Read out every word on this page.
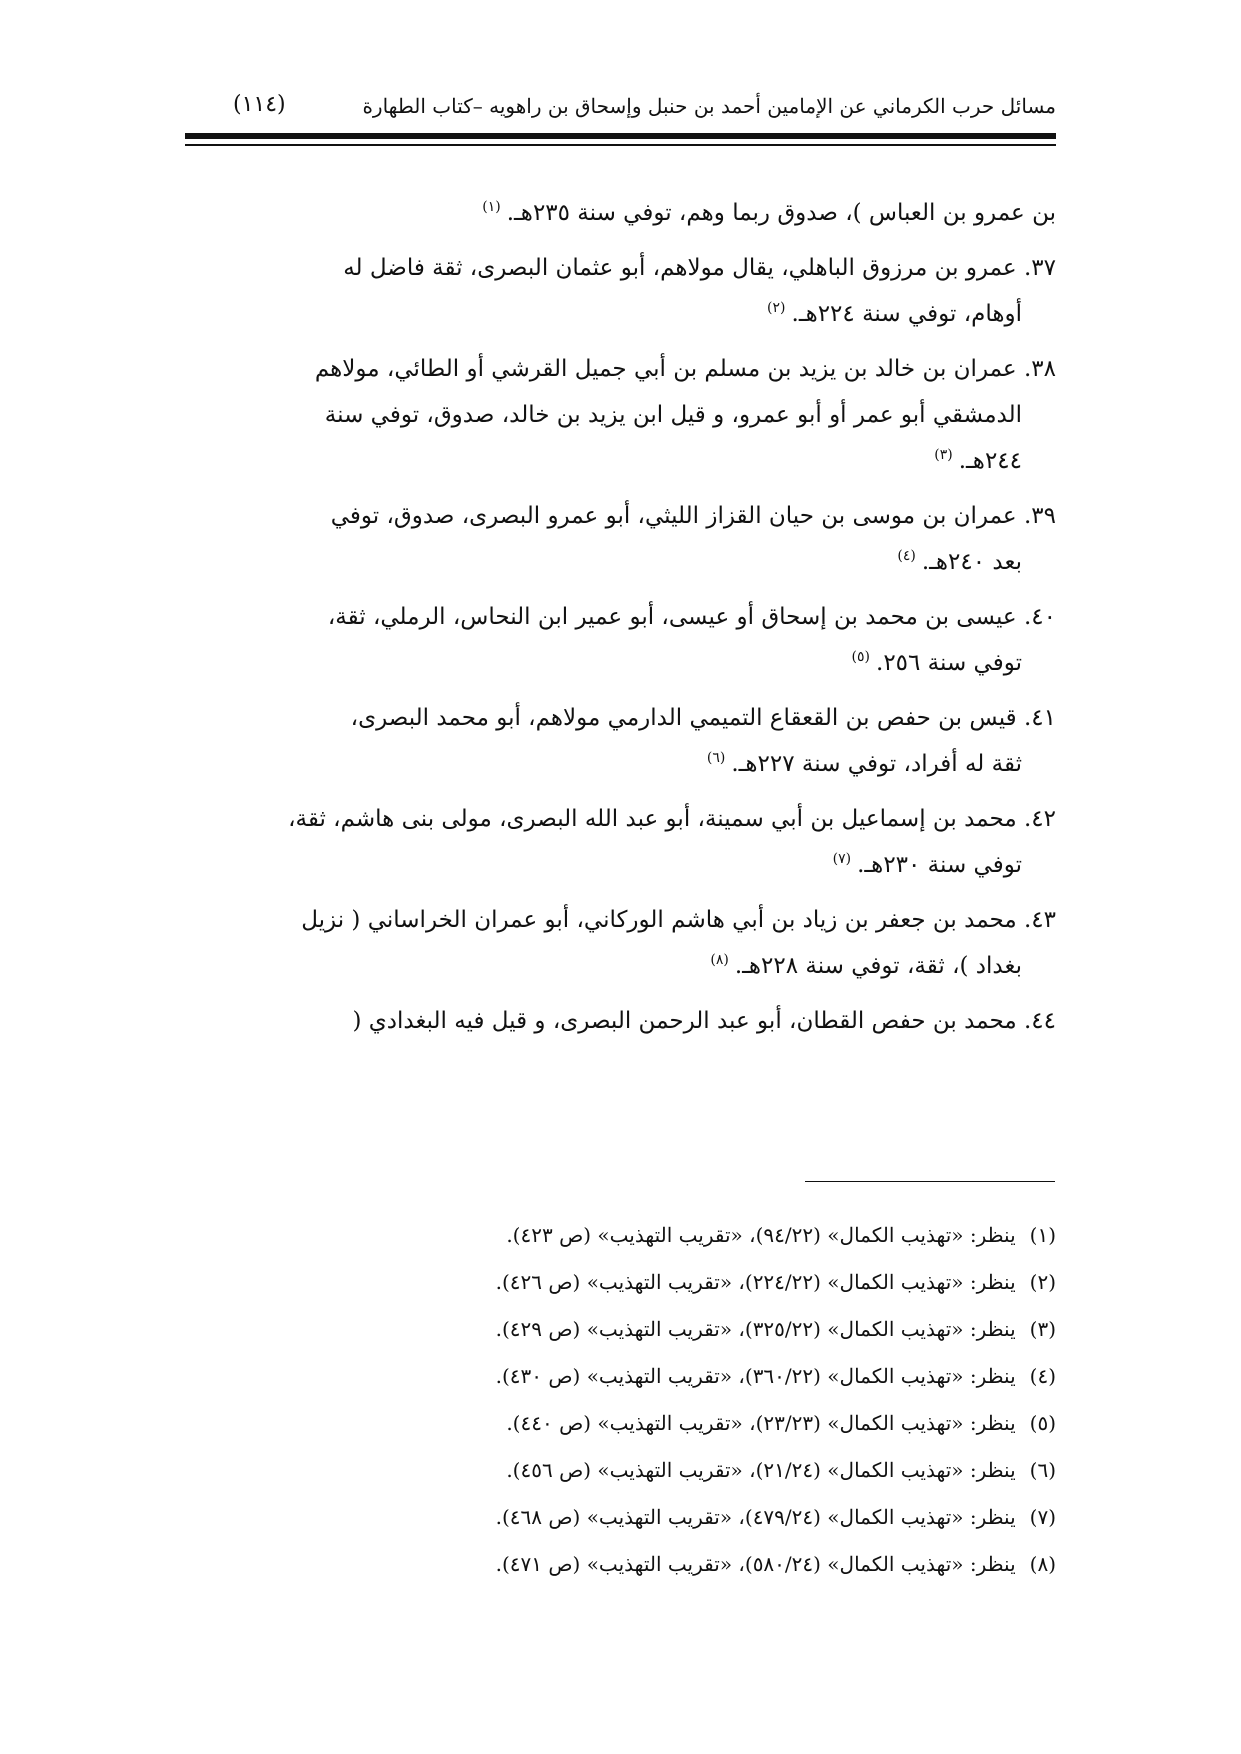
مسائل حرب الكرماني عن الإمامين أحمد بن حنبل وإسحاق بن راهويه –كتاب الطهارة
(١١٤)
بن عمرو بن العباس )، صدوق ربما وهم، توفي سنة ٢٣٥هـ.$^{(١)}$
٣٧. عمرو بن مرزوق الباهلي، يقال مولاهم، أبو عثمان البصرى، ثقة فاضل له
أوهام، توفي سنة ٢٢٤هـ.$^{(٢)}$
٣٨. عمران بن خالد بن يزيد بن مسلم بن أبي جميل القرشي أو الطائي، مولاهم
الدمشقي أبو عمر أو أبو عمرو، و قيل ابن يزيد بن خالد، صدوق، توفي سنة
٢٤٤هـ.$^{(٣)}$
٣٩. عمران بن موسى بن حيان القزاز الليثي، أبو عمرو البصرى، صدوق، توفي
بعد ٢٤٠هـ.$^{(٤)}$
٤٠. عيسى بن محمد بن إسحاق أو عيسى، أبو عمير ابن النحاس، الرملي، ثقة،
توفي سنة ٢٥٦.$^{(٥)}$
٤١. قيس بن حفص بن القعقاع التميمي الدارمي مولاهم، أبو محمد البصرى،
ثقة له أفراد، توفي سنة ٢٢٧هـ.$^{(٦)}$
٤٢. محمد بن إسماعيل بن أبي سمينة، أبو عبد الله البصرى، مولى بنى هاشم، ثقة،
توفي سنة ٢٣٠هـ.$^{(٧)}$
٤٣. محمد بن جعفر بن زياد بن أبي هاشم الوركاني، أبو عمران الخراساني ( نزيل
بغداد )، ثقة، توفي سنة ٢٢٨هـ.$^{(٨)}$
٤٤. محمد بن حفص القطان، أبو عبد الرحمن البصرى، و قيل فيه البغدادي (
(١) ينظر: «تهذيب الكمال» (٩٤/٢٢)، «تقريب التهذيب» (ص ٤٢٣).
(٢) ينظر: «تهذيب الكمال» (٢٢٤/٢٢)، «تقريب التهذيب» (ص ٤٢٦).
(٣) ينظر: «تهذيب الكمال» (٣٢٥/٢٢)، «تقريب التهذيب» (ص ٤٢٩).
(٤) ينظر: «تهذيب الكمال» (٣٦٠/٢٢)، «تقريب التهذيب» (ص ٤٣٠).
(٥) ينظر: «تهذيب الكمال» (٢٣/٢٣)، «تقريب التهذيب» (ص ٤٤٠).
(٦) ينظر: «تهذيب الكمال» (٢١/٢٤)، «تقريب التهذيب» (ص ٤٥٦).
(٧) ينظر: «تهذيب الكمال» (٤٧٩/٢٤)، «تقريب التهذيب» (ص ٤٦٨).
(٨) ينظر: «تهذيب الكمال» (٥٨٠/٢٤)، «تقريب التهذيب» (ص ٤٧١).
